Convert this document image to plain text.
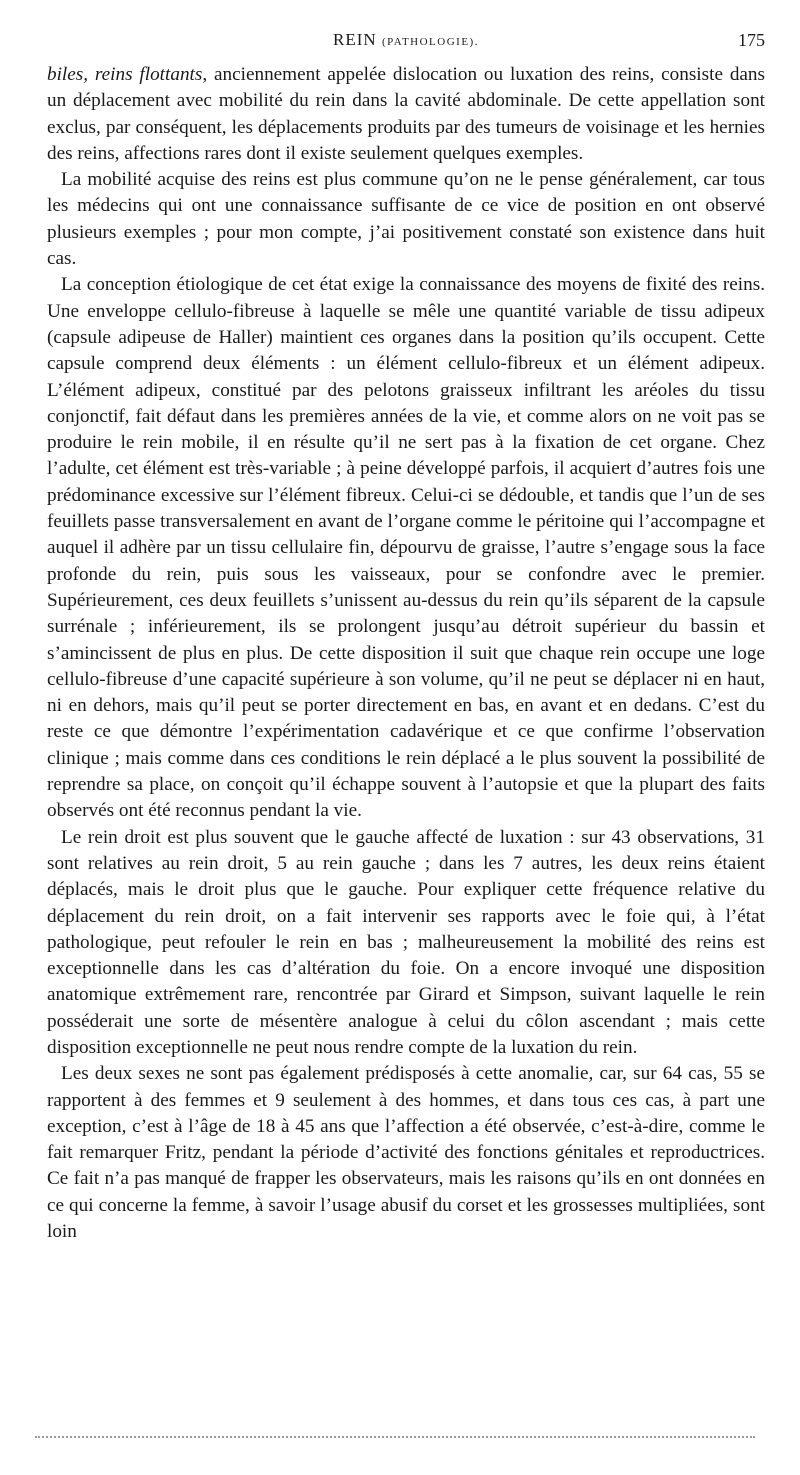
REIN (PATHOLOGIE).	175

biles, reins flottants, anciennement appelée dislocation ou luxation des reins, consiste dans un déplacement avec mobilité du rein dans la cavité abdominale. De cette appellation sont exclus, par conséquent, les déplacements produits par des tumeurs de voisinage et les hernies des reins, affections rares dont il existe seulement quelques exemples.

La mobilité acquise des reins est plus commune qu’on ne le pense généralement, car tous les médecins qui ont une connaissance suffisante de ce vice de position en ont observé plusieurs exemples ; pour mon compte, j’ai positivement constaté son existence dans huit cas.

La conception étiologique de cet état exige la connaissance des moyens de fixité des reins. Une enveloppe cellulo-fibreuse à laquelle se mêle une quantité variable de tissu adipeux (capsule adipeuse de Haller) maintient ces organes dans la position qu’ils occupent. Cette capsule comprend deux éléments : un élément cellulo-fibreux et un élément adipeux. L’élément adipeux, constitué par des pelotons graisseux infiltrant les aréoles du tissu conjonctif, fait défaut dans les premières années de la vie, et comme alors on ne voit pas se produire le rein mobile, il en résulte qu’il ne sert pas à la fixation de cet organe. Chez l’adulte, cet élément est très-variable ; à peine développé parfois, il acquiert d’autres fois une prédominance excessive sur l’élément fibreux. Celui-ci se dédouble, et tandis que l’un de ses feuillets passe transversalement en avant de l’organe comme le péritoine qui l’accompagne et auquel il adhère par un tissu cellulaire fin, dépourvu de graisse, l’autre s’engage sous la face profonde du rein, puis sous les vaisseaux, pour se confondre avec le premier. Supérieurement, ces deux feuillets s’unissent au-dessus du rein qu’ils séparent de la capsule surrénale ; inférieurement, ils se prolongent jusqu’au détroit supérieur du bassin et s’amincissent de plus en plus. De cette disposition il suit que chaque rein occupe une loge cellulo-fibreuse d’une capacité supérieure à son volume, qu’il ne peut se déplacer ni en haut, ni en dehors, mais qu’il peut se porter directement en bas, en avant et en dedans. C’est du reste ce que démontre l’expérimentation cadavérique et ce que confirme l’observation clinique ; mais comme dans ces conditions le rein déplacé a le plus souvent la possibilité de reprendre sa place, on conçoit qu’il échappe souvent à l’autopsie et que la plupart des faits observés ont été reconnus pendant la vie.

Le rein droit est plus souvent que le gauche affecté de luxation : sur 43 observations, 31 sont relatives au rein droit, 5 au rein gauche ; dans les 7 autres, les deux reins étaient déplacés, mais le droit plus que le gauche. Pour expliquer cette fréquence relative du déplacement du rein droit, on a fait intervenir ses rapports avec le foie qui, à l’état pathologique, peut refouler le rein en bas ; malheureusement la mobilité des reins est exceptionnelle dans les cas d’altération du foie. On a encore invoqué une disposition anatomique extrêmement rare, rencontrée par Girard et Simpson, suivant laquelle le rein posséderait une sorte de mésentère analogue à celui du côlon ascendant ; mais cette disposition exceptionnelle ne peut nous rendre compte de la luxation du rein.

Les deux sexes ne sont pas également prédisposés à cette anomalie, car, sur 64 cas, 55 se rapportent à des femmes et 9 seulement à des hommes, et dans tous ces cas, à part une exception, c’est à l’âge de 18 à 45 ans que l’affection a été observée, c’est-à-dire, comme le fait remarquer Fritz, pendant la période d’activité des fonctions génitales et reproductrices. Ce fait n’a pas manqué de frapper les observateurs, mais les raisons qu’ils en ont données en ce qui concerne la femme, à savoir l’usage abusif du corset et les grossesses multipliées, sont loin
